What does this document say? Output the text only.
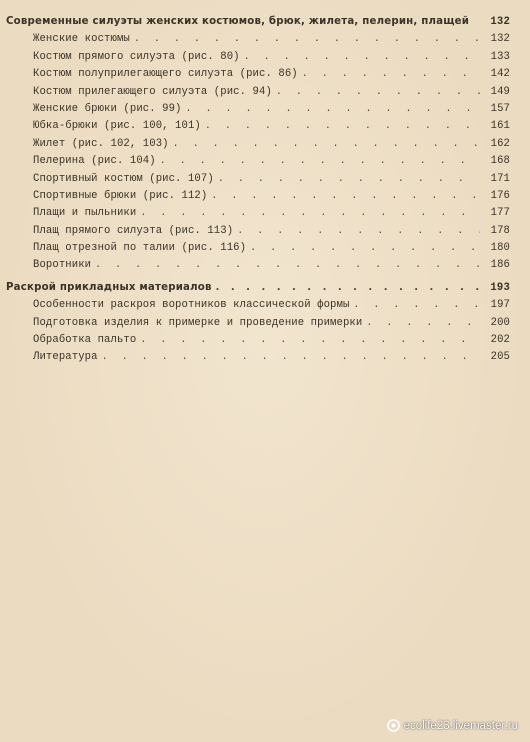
Современные силуэты женских костюмов, брюк, жилета, пелерин, плащей	132
Женские костюмы . . .	132
Костюм прямого силуэта (рис. 80) . . .	133
Костюм полуприлегающего силуэта (рис. 86) . . .	142
Костюм прилегающего силуэта (рис. 94) . . .	149
Женские брюки (рис. 99) . . .	157
Юбка-брюки (рис. 100, 101) . . .	161
Жилет (рис. 102, 103) . . .	162
Пелерина (рис. 104) . . .	168
Спортивный костюм (рис. 107) . . .	171
Спортивные брюки (рис. 112) . . .	176
Плащи и пыльники . . .	177
Плащ прямого силуэта (рис. 113) . . .	178
Плащ отрезной по талии (рис. 116) . . .	180
Воротники . . .	186
Раскрой прикладных материалов . . .	193
Особенности раскроя воротников классической формы . . .	197
Подготовка изделия к примерке и проведение примерки . . .	200
Обработка пальто . . .	202
Литература . . .	205
ecolife23.livemaster.ru
